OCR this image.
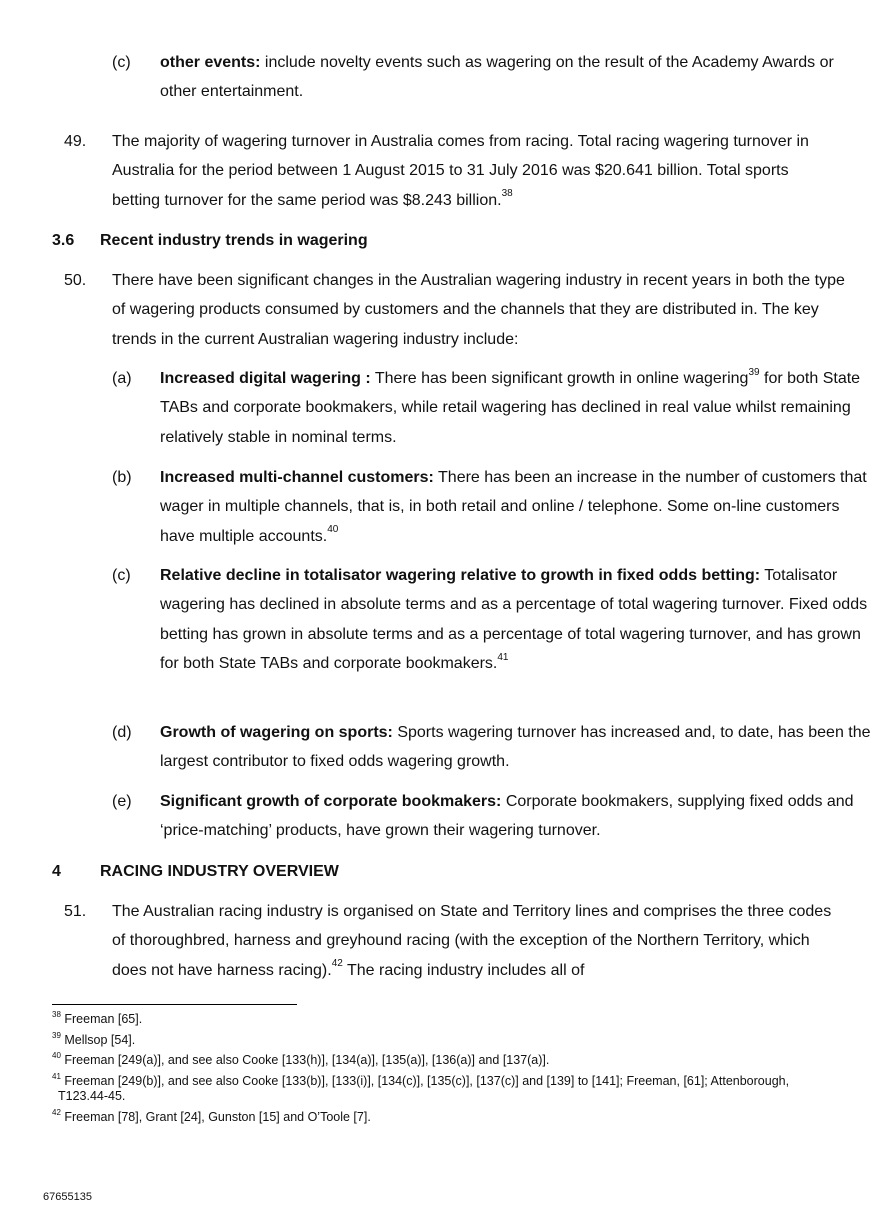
(c) other events: include novelty events such as wagering on the result of the Academy Awards or other entertainment.
49. The majority of wagering turnover in Australia comes from racing. Total racing wagering turnover in Australia for the period between 1 August 2015 to 31 July 2016 was $20.641 billion. Total sports betting turnover for the same period was $8.243 billion.$^{38}$
3.6 Recent industry trends in wagering
50. There have been significant changes in the Australian wagering industry in recent years in both the type of wagering products consumed by customers and the channels that they are distributed in. The key trends in the current Australian wagering industry include:
(a) Increased digital wagering : There has been significant growth in online wagering$^{39}$ for both State TABs and corporate bookmakers, while retail wagering has declined in real value whilst remaining relatively stable in nominal terms.
(b) Increased multi-channel customers: There has been an increase in the number of customers that wager in multiple channels, that is, in both retail and online / telephone. Some on-line customers have multiple accounts.$^{40}$
(c) Relative decline in totalisator wagering relative to growth in fixed odds betting: Totalisator wagering has declined in absolute terms and as a percentage of total wagering turnover. Fixed odds betting has grown in absolute terms and as a percentage of total wagering turnover, and has grown for both State TABs and corporate bookmakers.$^{41}$
(d) Growth of wagering on sports: Sports wagering turnover has increased and, to date, has been the largest contributor to fixed odds wagering growth.
(e) Significant growth of corporate bookmakers: Corporate bookmakers, supplying fixed odds and ‘price-matching’ products, have grown their wagering turnover.
4 RACING INDUSTRY OVERVIEW
51. The Australian racing industry is organised on State and Territory lines and comprises the three codes of thoroughbred, harness and greyhound racing (with the exception of the Northern Territory, which does not have harness racing).$^{42}$ The racing industry includes all of
$^{38}$ Freeman [65].
$^{39}$ Mellsop [54].
$^{40}$ Freeman [249(a)], and see also Cooke [133(h)], [134(a)], [135(a)], [136(a)] and [137(a)].
$^{41}$ Freeman [249(b)], and see also Cooke [133(b)], [133(i)], [134(c)], [135(c)], [137(c)] and [139] to [141]; Freeman, [61]; Attenborough, T123.44-45.
$^{42}$ Freeman [78], Grant [24], Gunston [15] and O’Toole [7].
67655135
